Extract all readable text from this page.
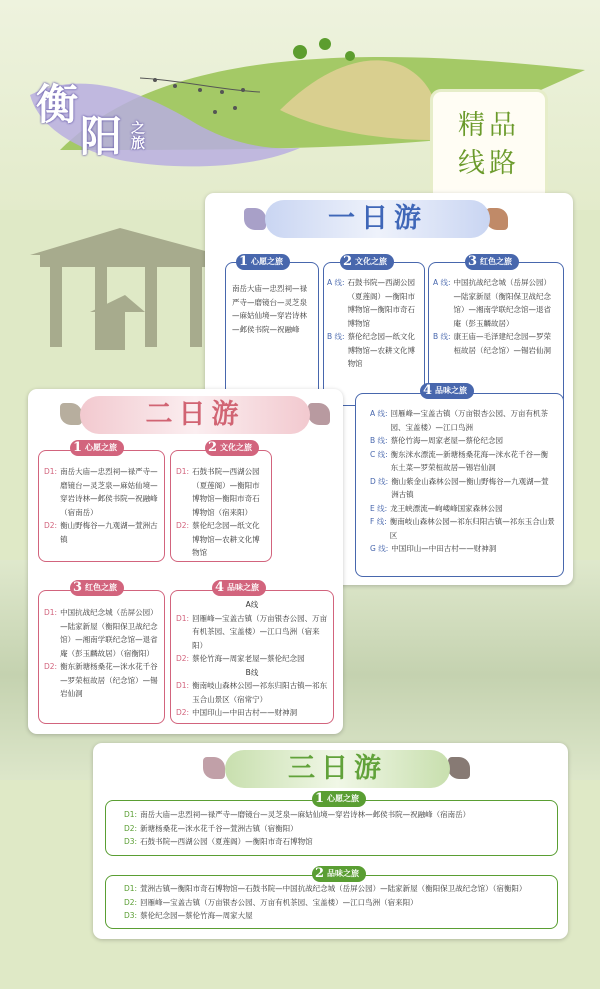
衡
阳 之旅
精品
线路
一日游
1 心愿之旅
南岳大庙—忠烈祠—禄严寺—磨镜台—灵芝泉—麻姑仙境—穿岩诗林—邺侯书院—祝融峰
2 文化之旅
A 线: 石鼓书院—西湖公园（夏莲阁）—衡阳市博物馆—衡阳市奇石博物馆
B 线: 蔡伦纪念园—纸文化博物馆—农耕文化博物馆
3 红色之旅
A 线: 中国抗战纪念城（岳屏公园）—陆家新屋（衡阳保卫战纪念馆）—湘南学联纪念馆—退省庵（彭玉麟故居）
B 线: 康王庙—毛泽建纪念园—罗荣桓故居（纪念馆）—锡岩仙洞
4 品味之旅
A 线: 回雁峰—宝盖古镇（万亩银杏公园、万亩有机茶园、宝盖楼）—江口鸟洲
B 线: 蔡伦竹海—周家老屋—蔡伦纪念园
C 线: 衡东洣水漂流—新塘杨桑花海—洣水花千谷—衡东土菜—罗荣桓故居—锡岩仙洞
D 线: 衡山紫金山森林公园—衡山野梅谷—九观湖—萱洲古镇
E 线: 龙王峡漂流—岣嵝峰国家森林公园
F 线: 衡南岐山森林公园—祁东归阳古镇—祁东玉合山景区
G 线: 中国印山—中田古村——财神洞
二日游
1 心愿之旅
D1: 南岳大庙—忠烈祠—禄严寺—磨镜台—灵芝泉—麻姑仙境—穿岩诗林—邺侯书院—祝融峰（宿南岳）
D2: 衡山野梅谷—九观湖—萱洲古镇
2 文化之旅
D1: 石鼓书院—西湖公园（夏莲阁）—衡阳市博物馆—衡阳市奇石博物馆（宿来阳）
D2: 蔡伦纪念园—纸文化博物馆—农耕文化博物馆
3 红色之旅
D1: 中国抗战纪念城（岳屏公园）—陆家新屋（衡阳保卫战纪念馆）—湘南学联纪念馆—退省庵（彭玉麟故居）（宿衡阳）
D2: 衡东新塘杨桑花—洣水花千谷—罗荣桓故居（纪念馆）—锡岩仙洞
4 品味之旅
A线
D1: 回雁峰—宝盖古镇（万亩银杏公园、万亩有机茶园、宝盖楼）—江口鸟洲（宿来阳）
D2: 蔡伦竹海—周家老屋—蔡伦纪念园
B线
D1: 衡南岐山森林公园—祁东归阳古镇—祁东玉合山景区（宿常宁）
D2: 中国印山—中田古村——财神洞
三日游
1 心愿之旅
D1: 南岳大庙—忠烈祠—禄严寺—磨镜台—灵芝泉—麻姑仙境—穿岩诗林—邺侯书院—祝融峰（宿南岳）
D2: 新塘杨桑花—洣水花千谷—萱洲古镇（宿衡阳）
D3: 石鼓书院—西湖公园（夏莲阁）—衡阳市奇石博物馆
2 品味之旅
D1: 萱洲古镇—衡阳市奇石博物馆—石鼓书院—中国抗战纪念城（岳屏公园）—陆家新屋（衡阳保卫战纪念馆）（宿衡阳）
D2: 回雁峰—宝盖古镇（万亩银杏公园、万亩有机茶园、宝盖楼）—江口鸟洲（宿来阳）
D3: 蔡伦纪念园—蔡伦竹海—周家大屋
